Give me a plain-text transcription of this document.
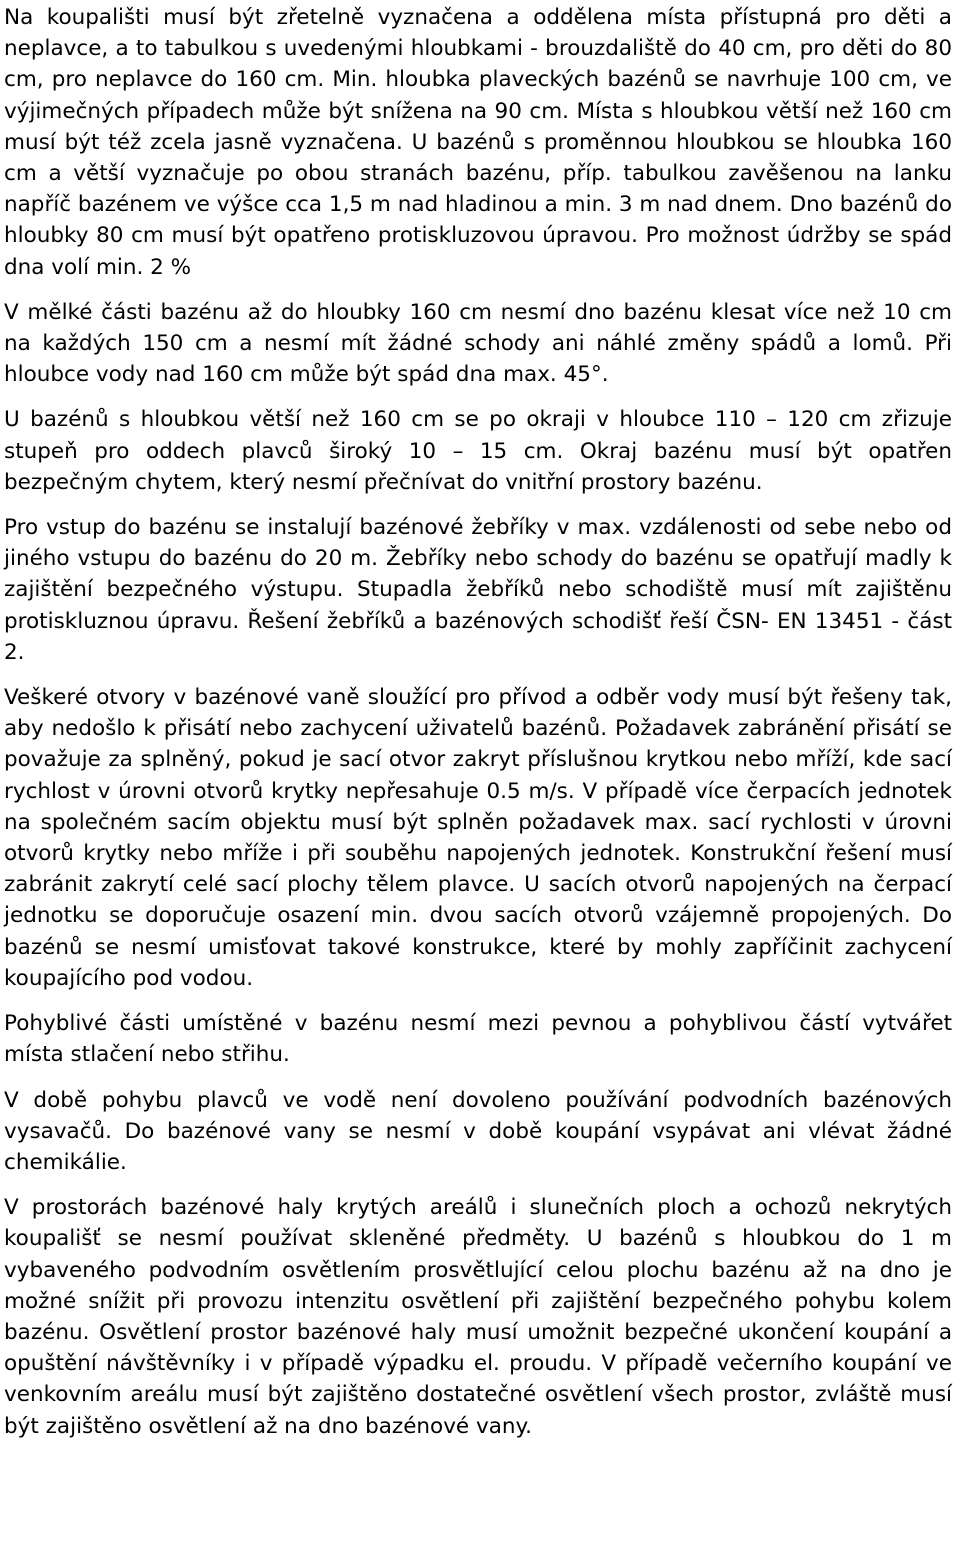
Na koupališti musí být zřetelně vyznačena a oddělena místa přístupná pro děti a neplavce, a to tabulkou s uvedenými hloubkami - brouzdaliště do 40 cm, pro děti do 80 cm, pro neplavce do 160 cm. Min. hloubka plaveckých bazénů se navrhuje 100 cm, ve výjimečných případech může být snížena na 90 cm. Místa s hloubkou větší než 160 cm musí být též zcela jasně vyznačena. U bazénů s proměnnou hloubkou se hloubka 160 cm a větší vyznačuje po obou stranách bazénu, příp. tabulkou zavěšenou na lanku napříč bazénem ve výšce cca 1,5 m nad hladinou a min. 3 m nad dnem. Dno bazénů do hloubky 80 cm musí být opatřeno protiskluzovou úpravou. Pro možnost údržby se spád dna volí min. 2 %

V mělké části bazénu až do hloubky 160 cm nesmí dno bazénu klesat více než 10 cm na každých 150 cm a nesmí mít žádné schody ani náhlé změny spádů a lomů. Při hloubce vody nad 160 cm může být spád dna max. 45°.

U bazénů s hloubkou větší než 160 cm se po okraji v hloubce 110 – 120 cm zřizuje stupeň pro oddech plavců široký 10 – 15 cm. Okraj bazénu musí být opatřen bezpečným chytem, který nesmí přečnívat do vnitřní prostory bazénu.

Pro vstup do bazénu se instalují bazénové žebříky v max. vzdálenosti od sebe nebo od jiného vstupu do bazénu do 20 m. Žebříky nebo schody do bazénu se opatřují madly k zajištění bezpečného výstupu. Stupadla žebříků nebo schodiště musí mít zajištěnu protiskluznou úpravu. Řešení žebříků a bazénových schodišť řeší ČSN- EN 13451 - část 2.

Veškeré otvory v bazénové vaně sloužící pro přívod a odběr vody musí být řešeny tak, aby nedošlo k přisátí nebo zachycení uživatelů bazénů. Požadavek zabránění přisátí se považuje za splněný, pokud je sací otvor zakryt příslušnou krytkou nebo mříží, kde sací rychlost v úrovni otvorů krytky nepřesahuje 0.5 m/s. V případě více čerpacích jednotek na společném sacím objektu musí být splněn požadavek max. sací rychlosti v úrovni otvorů krytky nebo mříže i při souběhu napojených jednotek. Konstrukční řešení musí zabránit zakrytí celé sací plochy tělem plavce. U sacích otvorů napojených na čerpací jednotku se doporučuje osazení min. dvou sacích otvorů vzájemně propojených. Do bazénů se nesmí umisťovat takové konstrukce, které by mohly zapříčinit zachycení koupajícího pod vodou.

Pohyblivé části umístěné v bazénu nesmí mezi pevnou a pohyblivou částí vytvářet místa stlačení nebo střihu.

V době pohybu plavců ve vodě není dovoleno používání podvodních bazénových vysavačů. Do bazénové vany se nesmí v době koupání vsypávat ani vlévat žádné chemikálie.

V prostorách bazénové haly krytých areálů i slunečních ploch a ochozů nekrytých koupališť se nesmí používat skleněné předměty. U bazénů s hloubkou do 1 m vybaveného podvodním osvětlením prosvětlující celou plochu bazénu až na dno je možné snížit při provozu intenzitu osvětlení při zajištění bezpečného pohybu kolem bazénu. Osvětlení prostor bazénové haly musí umožnit bezpečné ukončení koupání a opuštění návštěvníky i v případě výpadku el. proudu. V případě večerního koupání ve venkovním areálu musí být zajištěno dostatečné osvětlení všech prostor, zvláště musí být zajištěno osvětlení až na dno bazénové vany.
